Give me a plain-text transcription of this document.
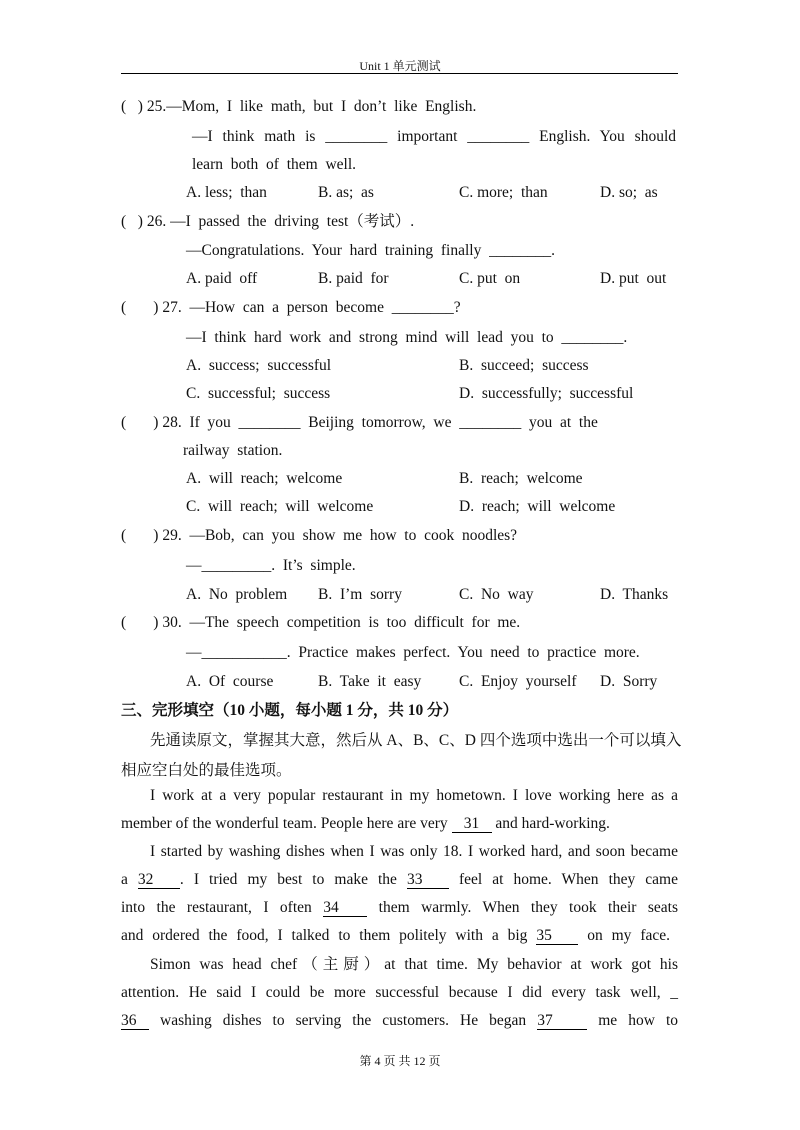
Unit 1 单元测试
(   ) 25.—Mom,  I  like  math,  but  I  don’t  like  English.
—I think math is ________ important ________ English. You should
learn  both  of  them  well.
A. less;  than	B. as;  as	C. more;  than	D. so;  as
(   ) 26. —I  passed  the  driving  test（考试）.
—Congratulations.  Your  hard  training  finally  ________.
A. paid  off	B. paid  for	C. put  on	D. put  out
(       ) 27.  —How  can  a  person  become  ________?
—I  think  hard  work  and  strong  mind  will  lead  you  to  ________.
A.  success;  successful	B.  succeed;  success
C.  successful;  success	D.  successfully;  successful
(       ) 28.  If  you  ________  Beijing  tomorrow,  we  ________  you  at  the
railway  station.
A.  will  reach;  welcome	B.  reach;  welcome
C.  will  reach;  will  welcome	D.  reach;  will  welcome
(       ) 29.  —Bob,  can  you  show  me  how  to  cook  noodles?
—_________.  It’s  simple.
A.  No  problem B.  I’m  sorry	C.  No  way	D.  Thanks
(       ) 30.  —The  speech  competition  is  too  difficult  for  me.
—___________.  Practice  makes  perfect.  You  need  to  practice  more.
A.  Of  course	B.  Take  it  easy C.  Enjoy  yourself D.  Sorry
三、完形填空（10 小题，每小题 1 分，共 10 分）
先通读原文，掌握其大意，然后从 A、B、C、D 四个选项中选出一个可以填入
相应空白处的最佳选项。
I work at a very popular restaurant in my hometown. I love working here as a
member of the wonderful team. People here are very 31 and hard-working.
I started by washing dishes when I was only 18. I worked hard, and soon became
a 32 . I tried my best to make the 33 feel at home. When they came
into the restaurant, I often 34 them warmly. When they took their seats
and ordered the food, I talked to them politely with a big 35 on my face.
Simon was head chef（主厨）at that time. My behavior at work got his
attention. He said I could be more successful because I did every task well, _
36 washing dishes to serving the customers. He began 37 me how to
第 4 页 共 12 页
